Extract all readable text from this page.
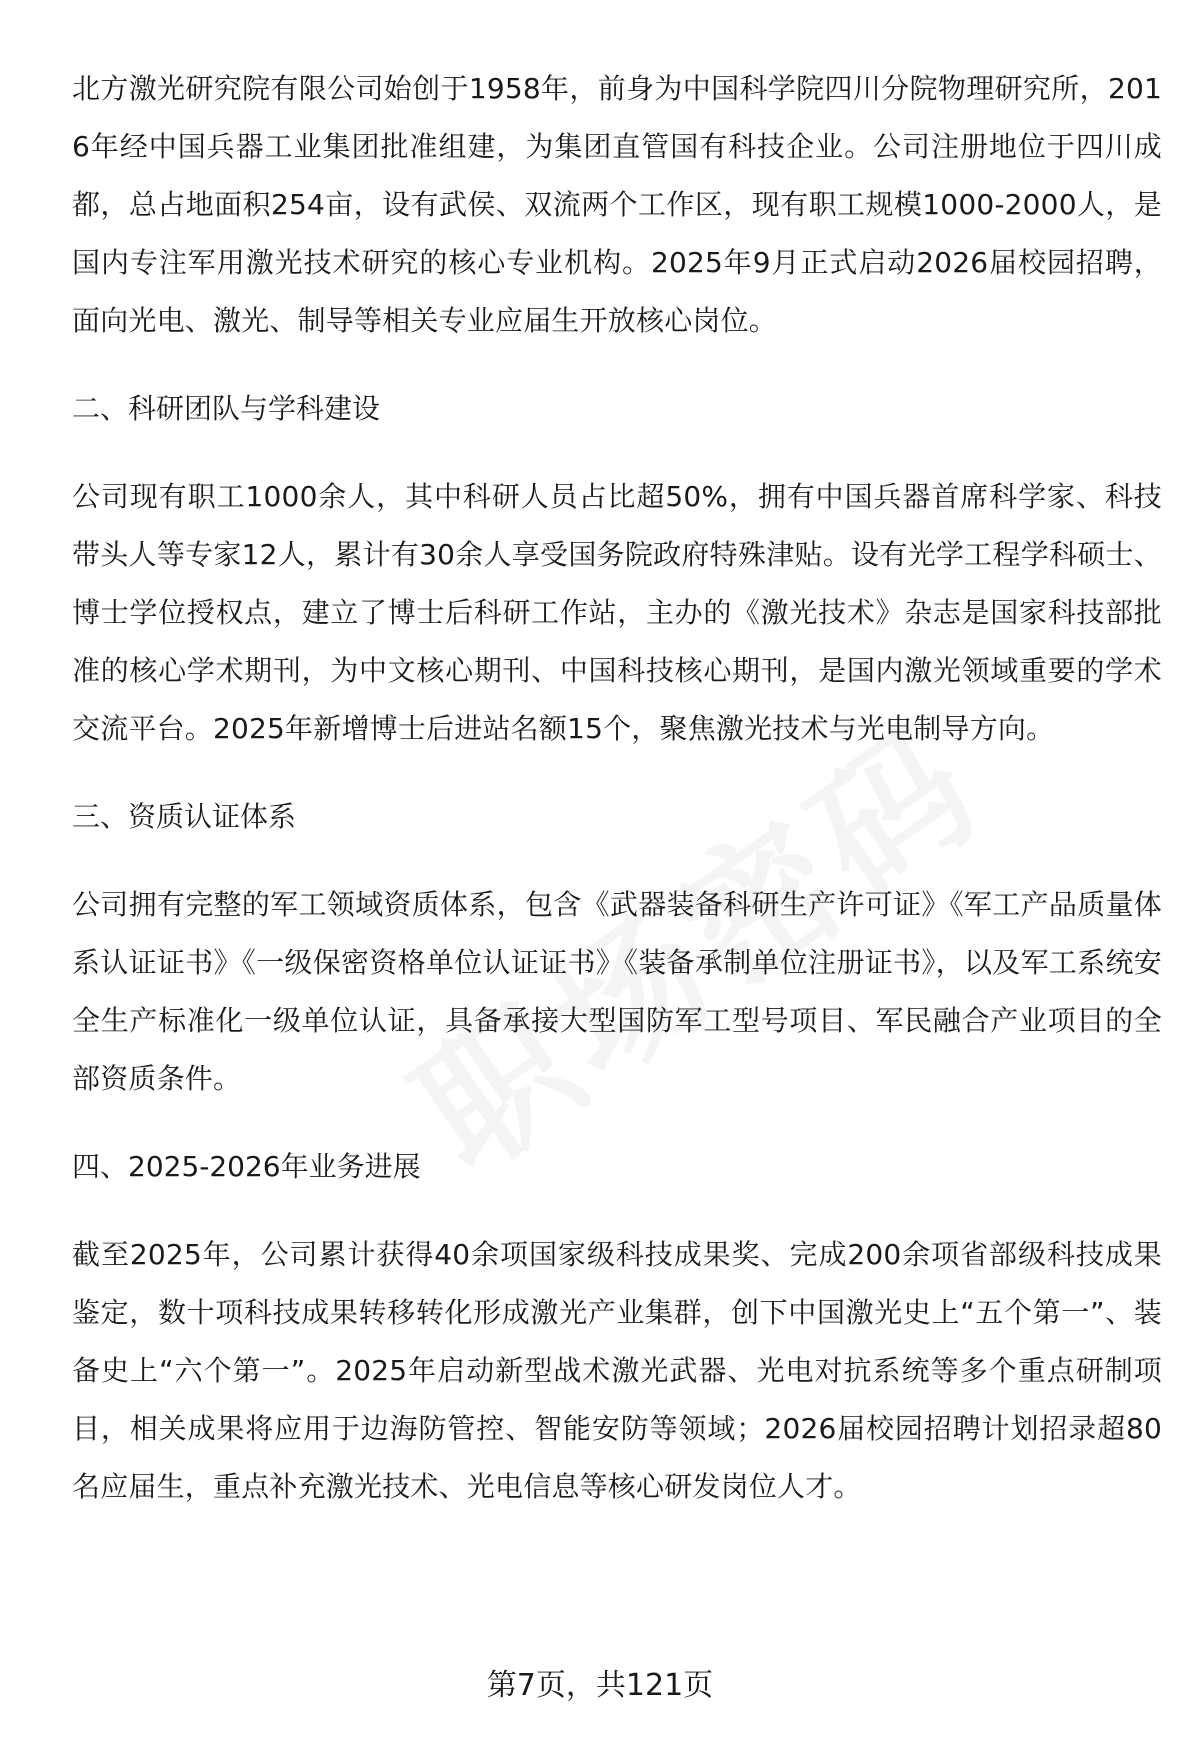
北方激光研究院有限公司始创于1958年，前身为中国科学院四川分院物理研究所，2016年经中国兵器工业集团批准组建，为集团直管国有科技企业。公司注册地位于四川成都，总占地面积254亩，设有武侯、双流两个工作区，现有职工规模1000-2000人，是国内专注军用激光技术研究的核心专业机构。2025年9月正式启动2026届校园招聘，面向光电、激光、制导等相关专业应届生开放核心岗位。

二、科研团队与学科建设

公司现有职工1000余人，其中科研人员占比超50%，拥有中国兵器首席科学家、科技带头人等专家12人，累计有30余人享受国务院政府特殊津贴。设有光学工程学科硕士、博士学位授权点，建立了博士后科研工作站，主办的《激光技术》杂志是国家科技部批准的核心学术期刊，为中文核心期刊、中国科技核心期刊，是国内激光领域重要的学术交流平台。2025年新增博士后进站名额15个，聚焦激光技术与光电制导方向。

三、资质认证体系

公司拥有完整的军工领域资质体系，包含《武器装备科研生产许可证》《军工产品质量体系认证证书》《一级保密资格单位认证证书》《装备承制单位注册证书》，以及军工系统安全生产标准化一级单位认证，具备承接大型国防军工型号项目、军民融合产业项目的全部资质条件。

四、2025-2026年业务进展

截至2025年，公司累计获得40余项国家级科技成果奖、完成200余项省部级科技成果鉴定，数十项科技成果转移转化形成激光产业集群，创下中国激光史上“五个第一”、装备史上“六个第一”。2025年启动新型战术激光武器、光电对抗系统等多个重点研制项目，相关成果将应用于边海防管控、智能安防等领域；2026届校园招聘计划招录超80名应届生，重点补充激光技术、光电信息等核心研发岗位人才。

第7页，共121页
